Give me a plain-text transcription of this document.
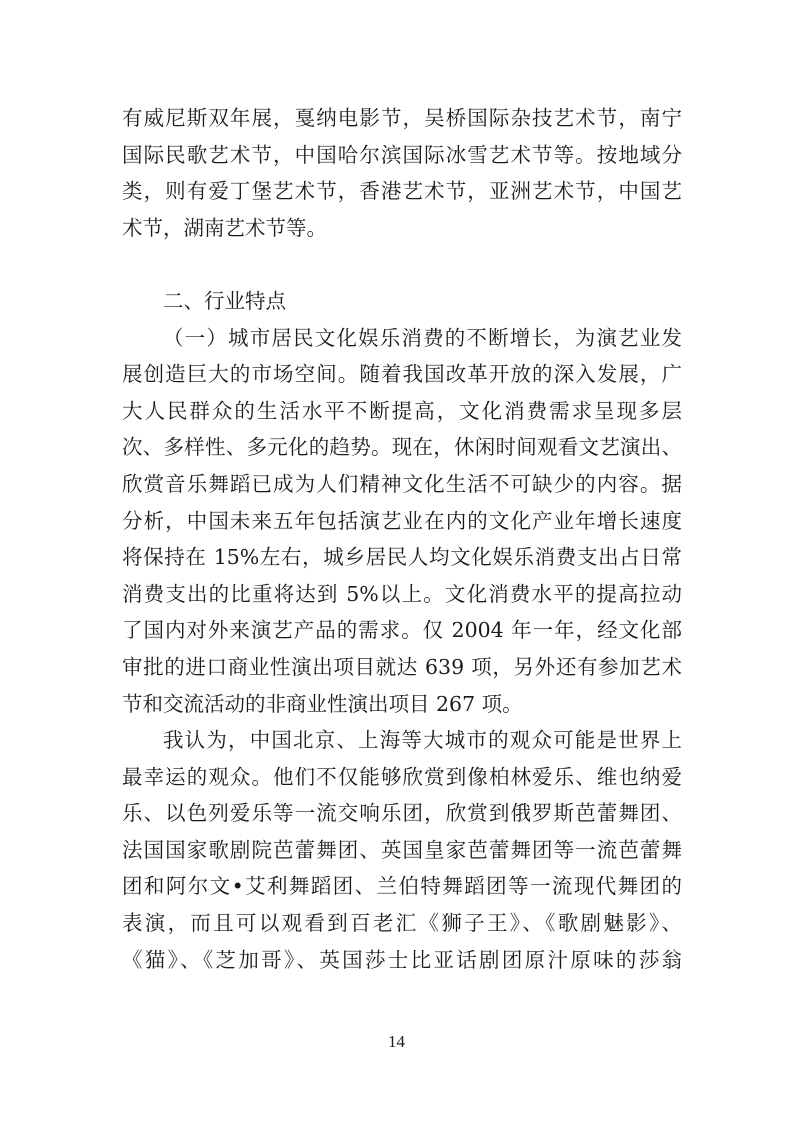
有威尼斯双年展，戛纳电影节，吴桥国际杂技艺术节，南宁
国际民歌艺术节，中国哈尔滨国际冰雪艺术节等。按地域分
类，则有爱丁堡艺术节，香港艺术节，亚洲艺术节，中国艺
术节，湖南艺术节等。
二、行业特点
（一）城市居民文化娱乐消费的不断增长，为演艺业发
展创造巨大的市场空间。随着我国改革开放的深入发展，广
大人民群众的生活水平不断提高，文化消费需求呈现多层
次、多样性、多元化的趋势。现在，休闲时间观看文艺演出、
欣赏音乐舞蹈已成为人们精神文化生活不可缺少的内容。据
分析，中国未来五年包括演艺业在内的文化产业年增长速度
将保持在 15%左右，城乡居民人均文化娱乐消费支出占日常
消费支出的比重将达到 5%以上。文化消费水平的提高拉动
了国内对外来演艺产品的需求。仅 2004 年一年，经文化部
审批的进口商业性演出项目就达 639 项，另外还有参加艺术
节和交流活动的非商业性演出项目 267 项。
我认为，中国北京、上海等大城市的观众可能是世界上
最幸运的观众。他们不仅能够欣赏到像柏林爱乐、维也纳爱
乐、以色列爱乐等一流交响乐团，欣赏到俄罗斯芭蕾舞团、
法国国家歌剧院芭蕾舞团、英国皇家芭蕾舞团等一流芭蕾舞
团和阿尔文•艾利舞蹈团、兰伯特舞蹈团等一流现代舞团的
表演，而且可以观看到百老汇《狮子王》、《歌剧魅影》、
《猫》、《芝加哥》、英国莎士比亚话剧团原汁原味的莎翁
14
